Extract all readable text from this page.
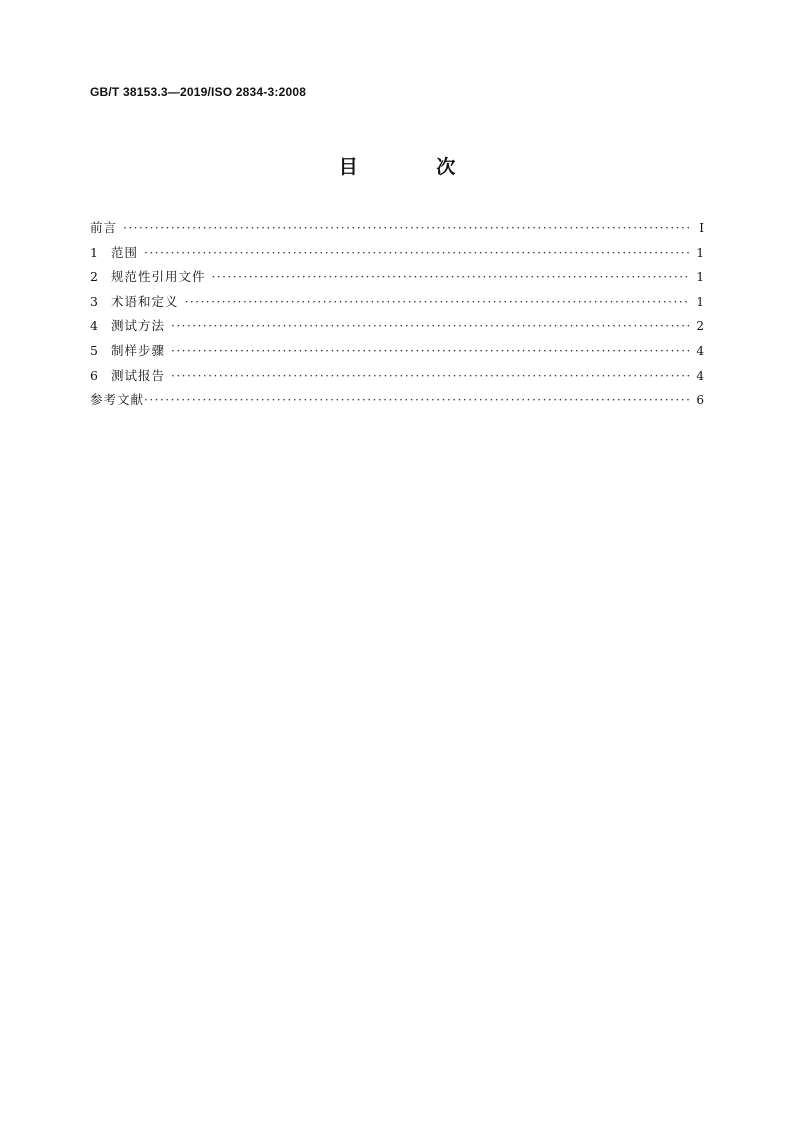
GB/T 38153.3—2019/ISO 2834-3:2008
目 次
前言 ·····	I
1	范围 ·····	1
2	规范性引用文件 ·····	1
3	术语和定义 ·····	1
4	测试方法 ·····	2
5	制样步骤 ·····	4
6	测试报告 ·····	4
参考文献 ·····	6
